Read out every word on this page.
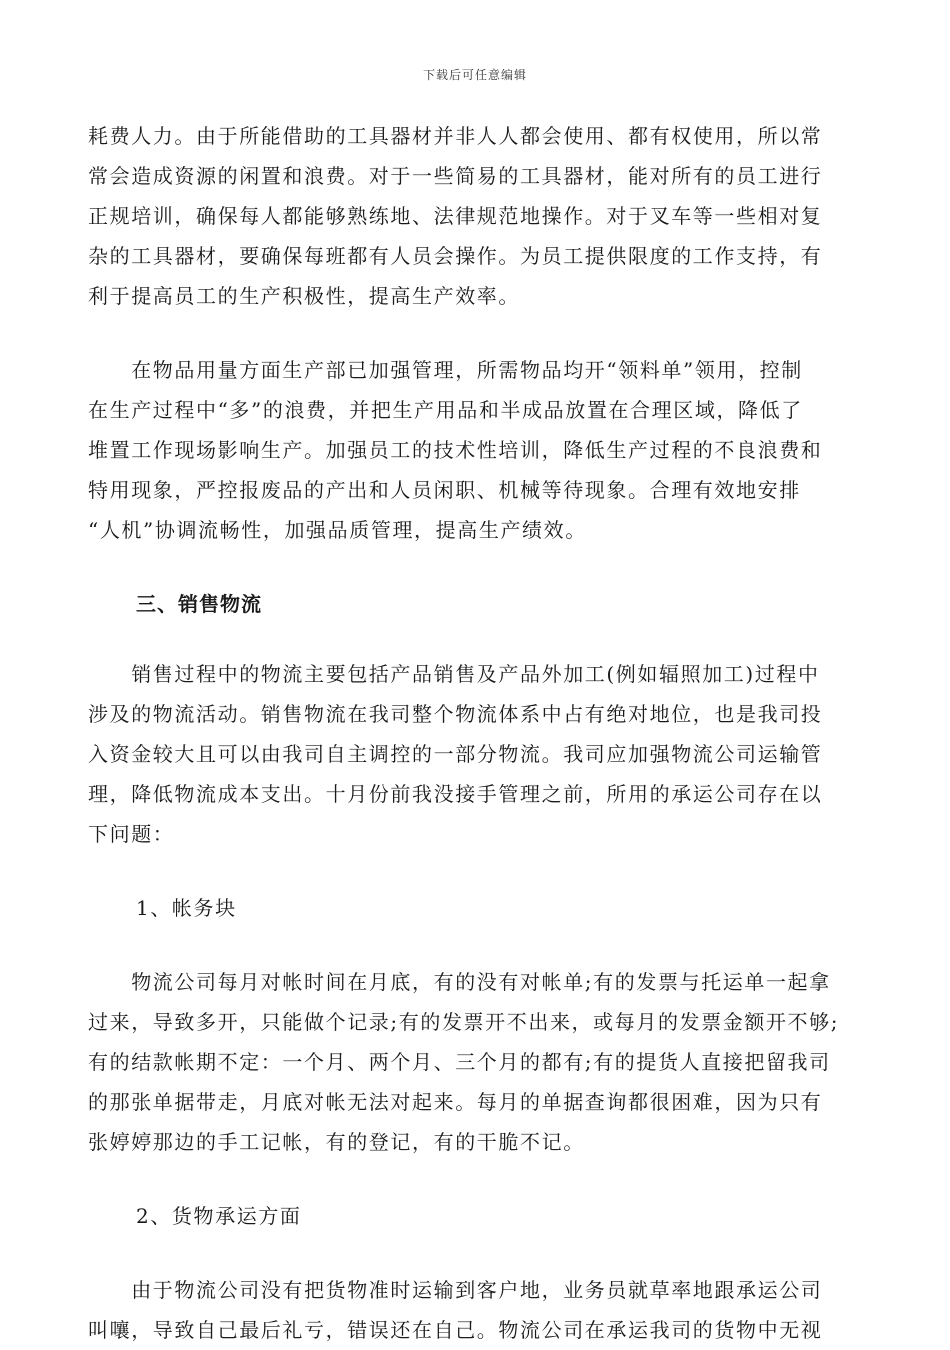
下载后可任意编辑

耗费人力。由于所能借助的工具器材并非人人都会使用、都有权使用，所以常
常会造成资源的闲置和浪费。对于一些简易的工具器材，能对所有的员工进行
正规培训，确保每人都能够熟练地、法律规范地操作。对于叉车等一些相对复
杂的工具器材，要确保每班都有人员会操作。为员工提供限度的工作支持，有
利于提高员工的生产积极性，提高生产效率。

　　在物品用量方面生产部已加强管理，所需物品均开“领料单”领用，控制
在生产过程中“多”的浪费，并把生产用品和半成品放置在合理区域，降低了
堆置工作现场影响生产。加强员工的技术性培训，降低生产过程的不良浪费和
特用现象，严控报废品的产出和人员闲职、机械等待现象。合理有效地安排
“人机”协调流畅性，加强品质管理，提高生产绩效。

三、销售物流

　　销售过程中的物流主要包括产品销售及产品外加工(例如辐照加工)过程中
涉及的物流活动。销售物流在我司整个物流体系中占有绝对地位，也是我司投
入资金较大且可以由我司自主调控的一部分物流。我司应加强物流公司运输管
理，降低物流成本支出。十月份前我没接手管理之前，所用的承运公司存在以
下问题：

1、帐务块

　　物流公司每月对帐时间在月底，有的没有对帐单;有的发票与托运单一起拿
过来，导致多开，只能做个记录;有的发票开不出来，或每月的发票金额开不够;
有的结款帐期不定：一个月、两个月、三个月的都有;有的提货人直接把留我司
的那张单据带走，月底对帐无法对起来。每月的单据查询都很困难，因为只有
张婷婷那边的手工记帐，有的登记，有的干脆不记。

2、货物承运方面

　　由于物流公司没有把货物准时运输到客户地，业务员就草率地跟承运公司
叫嚷，导致自己最后礼亏，错误还在自己。物流公司在承运我司的货物中无视
